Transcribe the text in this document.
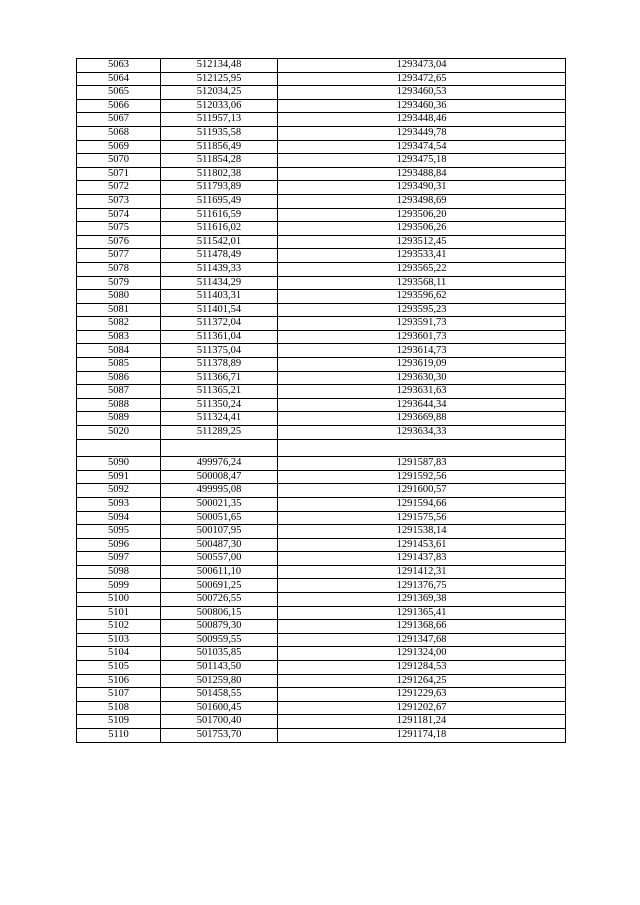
5063	512134,48	1293473,04
5064	512125,95	1293472,65
5065	512034,25	1293460,53
5066	512033,06	1293460,36
5067	511957,13	1293448,46
5068	511935,58	1293449,78
5069	511856,49	1293474,54
5070	511854,28	1293475,18
5071	511802,38	1293488,84
5072	511793,89	1293490,31
5073	511695,49	1293498,69
5074	511616,59	1293506,20
5075	511616,02	1293506,26
5076	511542,01	1293512,45
5077	511478,49	1293533,41
5078	511439,33	1293565,22
5079	511434,29	1293568,11
5080	511403,31	1293596,62
5081	511401,54	1293595,23
5082	511372,04	1293591,73
5083	511361,04	1293601,73
5084	511375,04	1293614,73
5085	511378,89	1293619,09
5086	511366,71	1293630,30
5087	511365,21	1293631,63
5088	511350,24	1293644,34
5089	511324,41	1293669,88
5020	511289,25	1293634,33

5090	499976,24	1291587,83
5091	500008,47	1291592,56
5092	499995,08	1291600,57
5093	500021,35	1291594,66
5094	500051,65	1291575,56
5095	500107,95	1291538,14
5096	500487,30	1291453,61
5097	500557,00	1291437,83
5098	500611,10	1291412,31
5099	500691,25	1291376,75
5100	500726,55	1291369,38
5101	500806,15	1291365,41
5102	500879,30	1291368,66
5103	500959,55	1291347,68
5104	501035,85	1291324,00
5105	501143,50	1291284,53
5106	501259,80	1291264,25
5107	501458,55	1291229,63
5108	501600,45	1291202,67
5109	501700,40	1291181,24
5110	501753,70	1291174,18
